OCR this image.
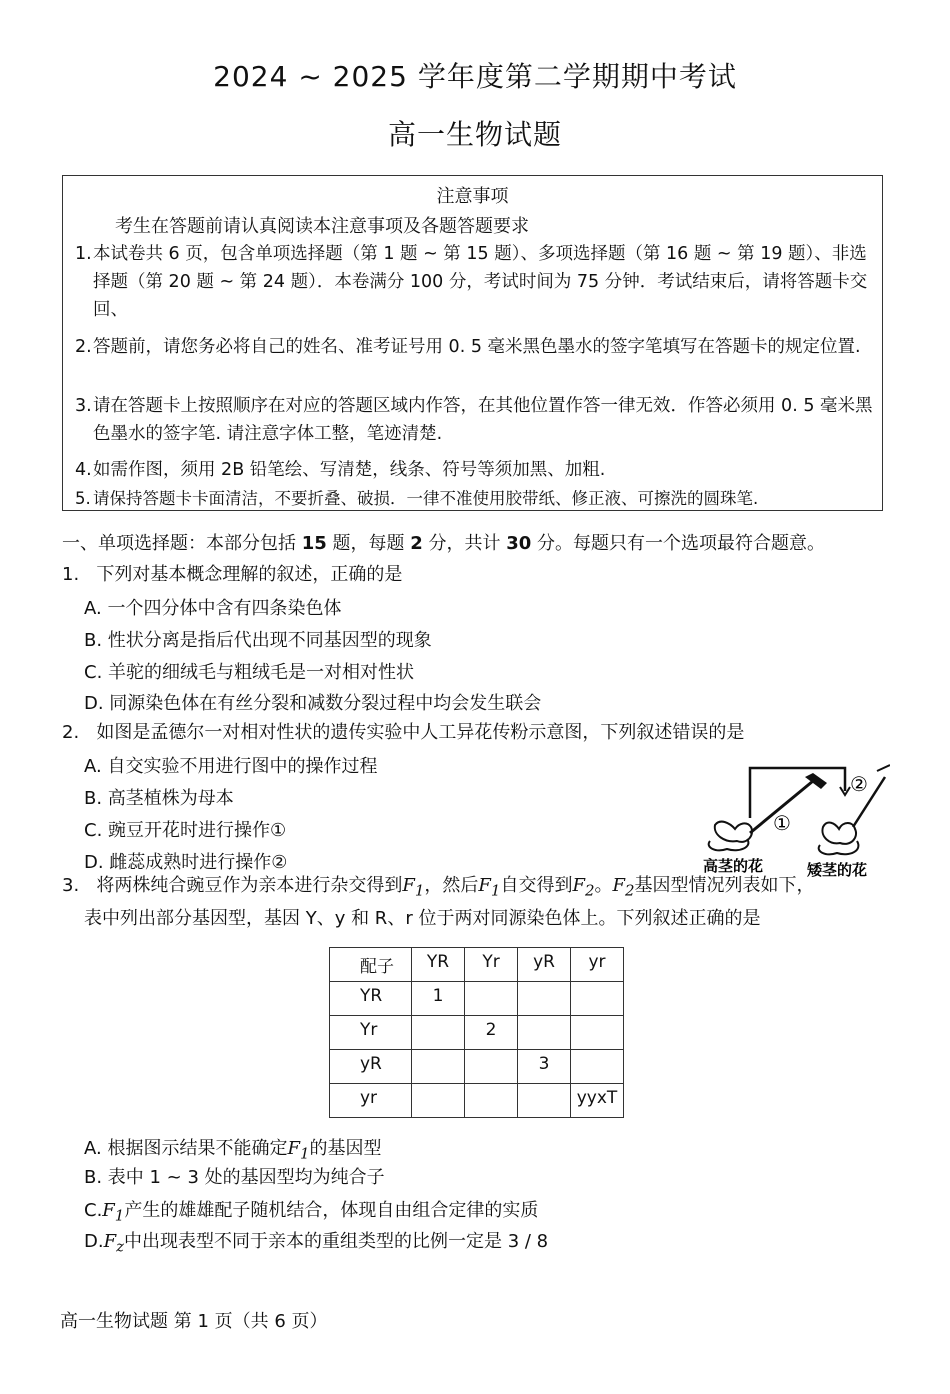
2024 ~ 2025 学年度第二学期期中考试
高一生物试题
注意事项
考生在答题前请认真阅读本注意事项及各题答题要求
1. 本试卷共 6 页，包含单项选择题（第 1 题 ~ 第 15 题）、多项选择题（第 16 题 ~ 第 19 题）、非选择题（第 20 题 ~ 第 24 题）．本卷满分 100 分，考试时间为 75 分钟．考试结束后，请将答题卡交回、
2. 答题前，请您务必将自己的姓名、准考证号用 0. 5 毫米黑色墨水的签字笔填写在答题卡的规定位置.
3. 请在答题卡上按照顺序在对应的答题区域内作答，在其他位置作答一律无效．作答必须用 0. 5 毫米黑色墨水的签字笔. 请注意字体工整，笔迹清楚.
4. 如需作图，须用 2B 铅笔绘、写清楚，线条、符号等须加黑、加粗.
5. 请保持答题卡卡面清洁，不要折叠、破损．一律不准使用胶带纸、修正液、可擦洗的圆珠笔.
一、单项选择题：本部分包括 15 题，每题 2 分，共计 30 分。每题只有一个选项最符合题意。
1. 下列对基本概念理解的叙述，正确的是
A. 一个四分体中含有四条染色体
B. 性状分离是指后代出现不同基因型的现象
C. 羊驼的细绒毛与粗绒毛是一对相对性状
D. 同源染色体在有丝分裂和减数分裂过程中均会发生联会
2. 如图是孟德尔一对相对性状的遗传实验中人工异花传粉示意图，下列叙述错误的是
A. 自交实验不用进行图中的操作过程
B. 高茎植株为母本
C. 豌豆开花时进行操作①
D. 雌蕊成熟时进行操作②
①
②
高茎的花	矮茎的花
3. 将两株纯合豌豆作为亲本进行杂交得到$F_1$，然后$F_1$自交得到$F_2$。$F_2$基因型情况列表如下，
表中列出部分基因型，基因 Y、y 和 R、r 位于两对同源染色体上。下列叙述正确的是
配子	YR	Yr	yR	yr
YR	1			
Yr		2		
yR			3	
yr				yyxT
A. 根据图示结果不能确定$F_1$的基因型
B. 表中 1 ~ 3 处的基因型均为纯合子
$C.F_1$产生的雄雄配子随机结合，体现自由组合定律的实质
$D.F_z$中出现表型不同于亲本的重组类型的比例一定是 3 / 8
高一生物试题 第 1 页（共 6 页）
